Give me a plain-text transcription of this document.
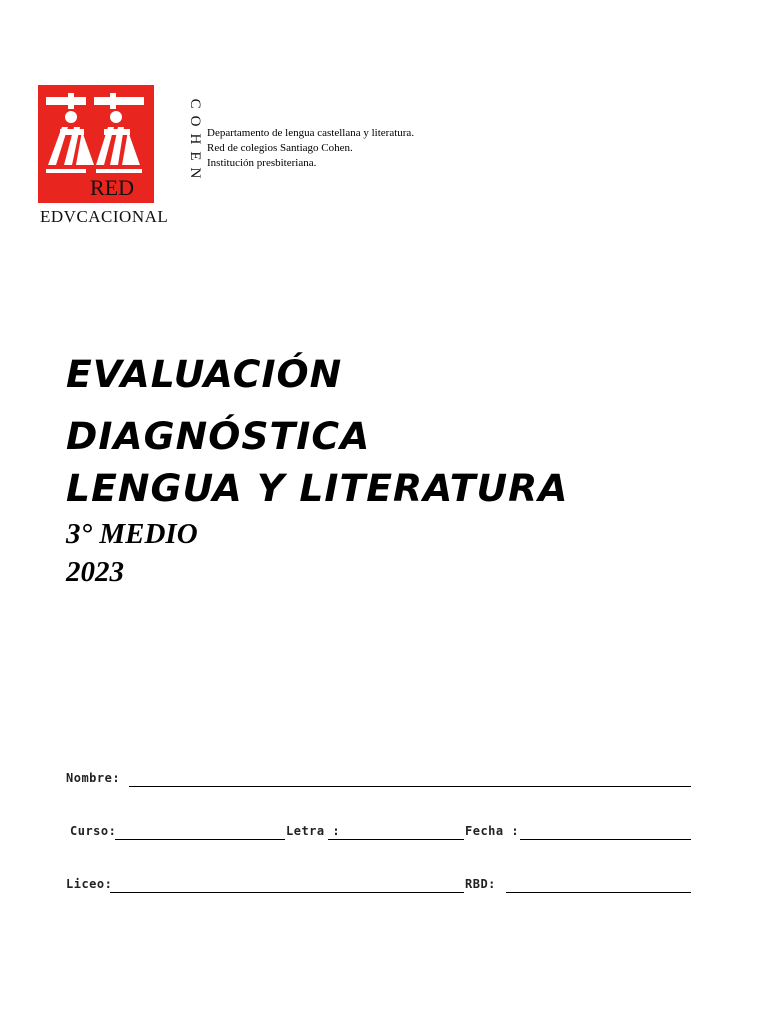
RED
EDVCACIONAL
COHEN Departamento de lengua castellana y literatura.
Red de colegios Santiago Cohen.
Institución presbiteriana.
EVALUACIÓN
DIAGNÓSTICA
LENGUA Y LITERATURA
3° MEDIO
2023
Nombre:
Curso:	Letra :	Fecha :
Liceo:	RBD:
